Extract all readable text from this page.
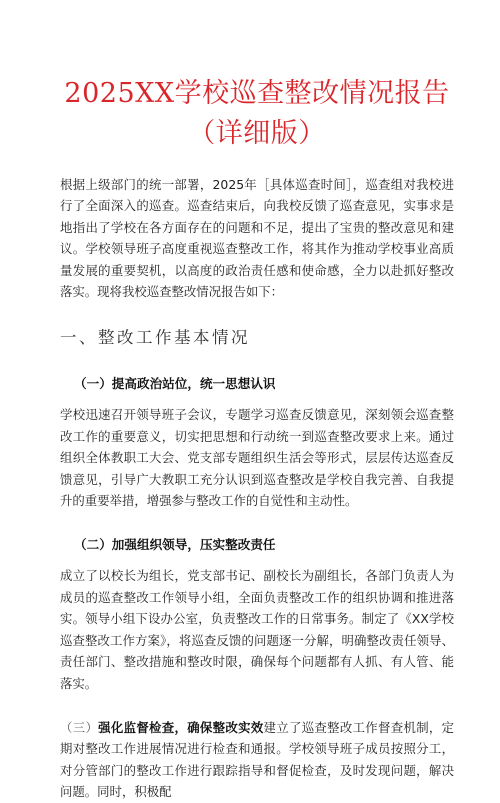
2025XX学校巡查整改情况报告
（详细版）

根据上级部门的统一部署，2025年［具体巡查时间］，巡查组对我校进行了全面深入的巡查。巡查结束后，向我校反馈了巡查意见，实事求是地指出了学校在各方面存在的问题和不足，提出了宝贵的整改意见和建议。学校领导班子高度重视巡查整改工作，将其作为推动学校事业高质量发展的重要契机，以高度的政治责任感和使命感，全力以赴抓好整改落实。现将我校巡查整改情况报告如下：

一、整改工作基本情况
（一）提高政治站位，统一思想认识

学校迅速召开领导班子会议，专题学习巡查反馈意见，深刻领会巡查整改工作的重要意义，切实把思想和行动统一到巡查整改要求上来。通过组织全体教职工大会、党支部专题组织生活会等形式，层层传达巡查反馈意见，引导广大教职工充分认识到巡查整改是学校自我完善、自我提升的重要举措，增强参与整改工作的自觉性和主动性。

（二）加强组织领导，压实整改责任

成立了以校长为组长，党支部书记、副校长为副组长，各部门负责人为成员的巡查整改工作领导小组，全面负责整改工作的组织协调和推进落实。领导小组下设办公室，负责整改工作的日常事务。制定了《XX学校巡查整改工作方案》，将巡查反馈的问题逐一分解，明确整改责任领导、责任部门、整改措施和整改时限，确保每个问题都有人抓、有人管、能落实。

（三）强化监督检查，确保整改实效建立了巡查整改工作督查机制，定期对整改工作进展情况进行检查和通报。学校领导班子成员按照分工，对分管部门的整改工作进行跟踪指导和督促检查，及时发现问题，解决问题。同时，积极配
